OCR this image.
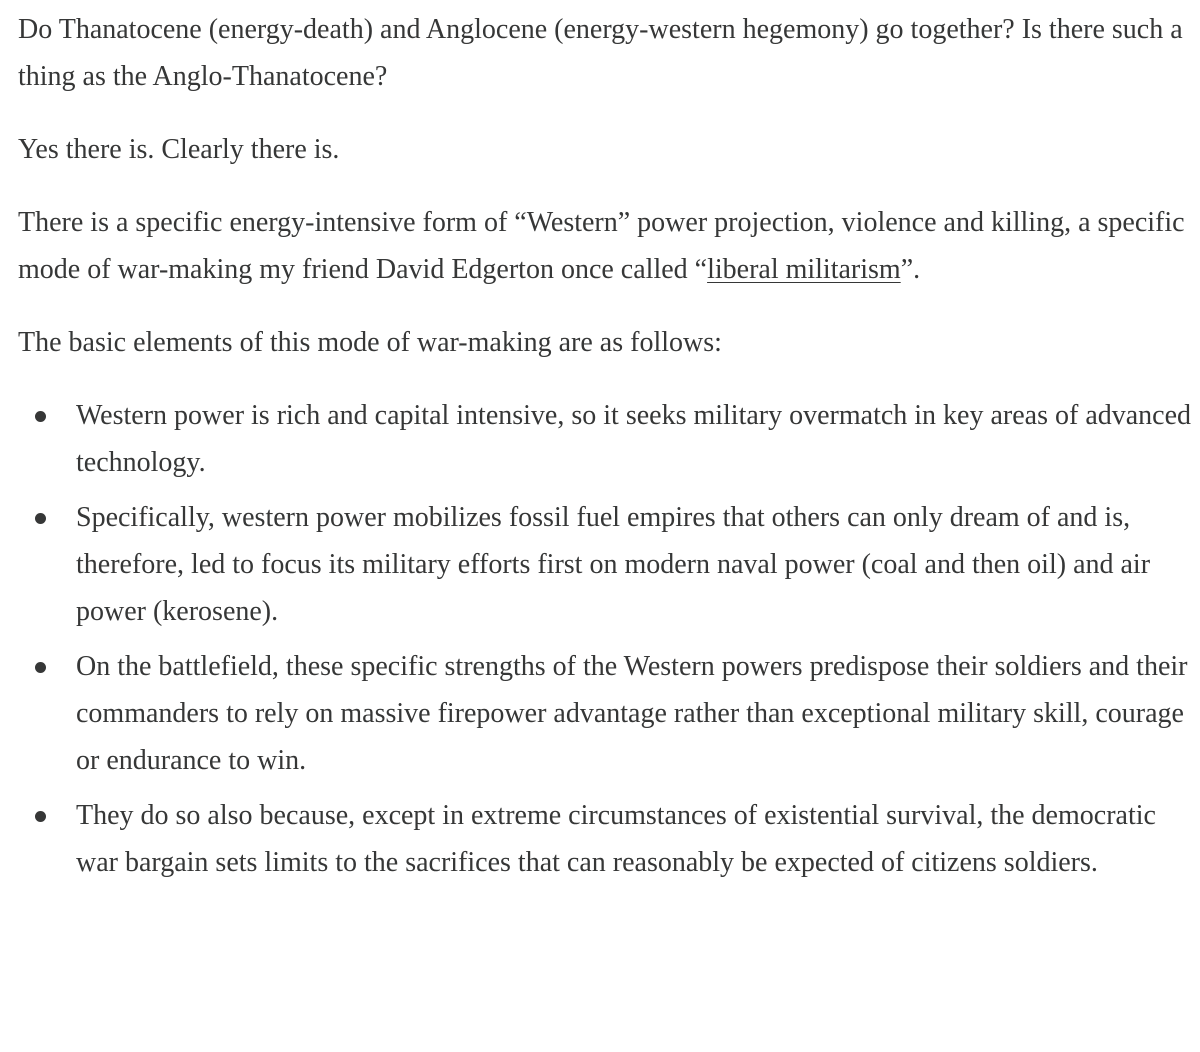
Do Thanatocene (energy-death) and Anglocene (energy-western hegemony) go together? Is there such a thing as the Anglo-Thanatocene?

Yes there is. Clearly there is.

There is a specific energy-intensive form of “Western” power projection, violence and killing, a specific mode of war-making my friend David Edgerton once called “liberal militarism”.

The basic elements of this mode of war-making are as follows:

Western power is rich and capital intensive, so it seeks military overmatch in key areas of advanced technology.
Specifically, western power mobilizes fossil fuel empires that others can only dream of and is, therefore, led to focus its military efforts first on modern naval power (coal and then oil) and air power (kerosene).
On the battlefield, these specific strengths of the Western powers predispose their soldiers and their commanders to rely on massive firepower advantage rather than exceptional military skill, courage or endurance to win.
They do so also because, except in extreme circumstances of existential survival, the democratic war bargain sets limits to the sacrifices that can reasonably be expected of citizens soldiers.
